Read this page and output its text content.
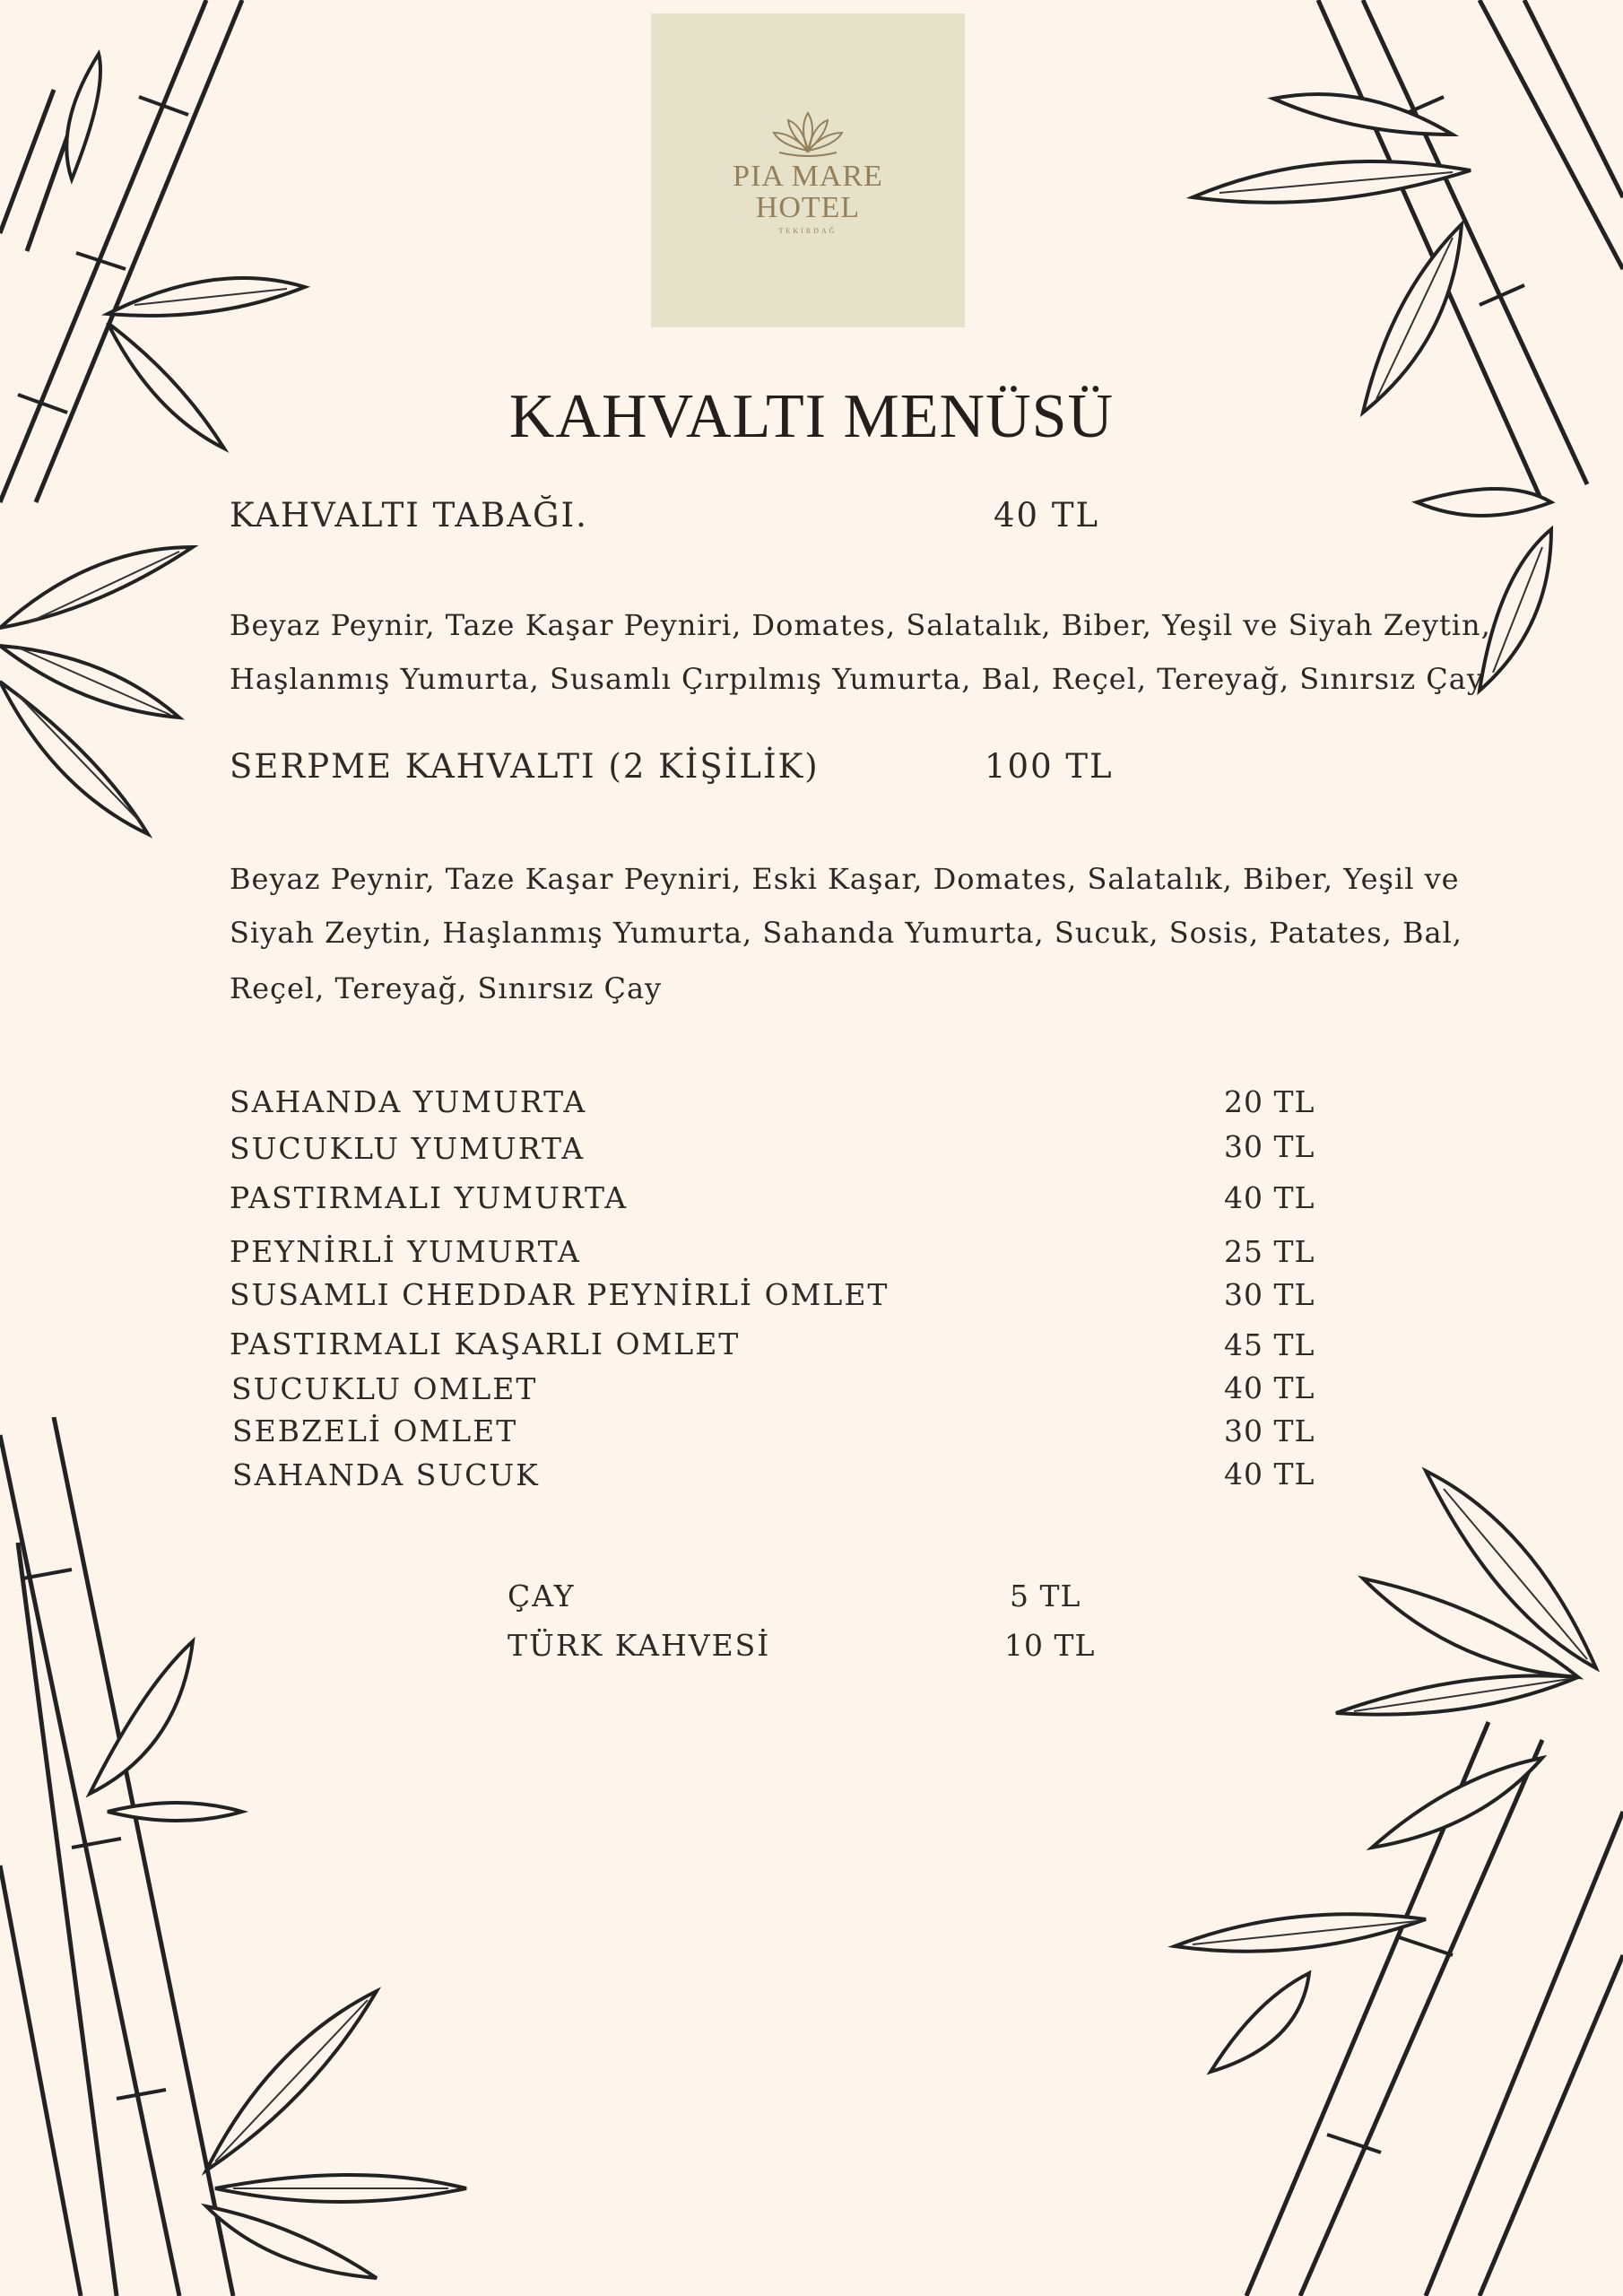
PIA MARE
HOTEL
TEKIRDAĞ
KAHVALTI MENÜSÜ
KAHVALTI TABAĞI.	40 TL
Beyaz Peynir, Taze Kaşar Peyniri, Domates, Salatalık, Biber, Yeşil ve Siyah Zeytin,
Haşlanmış Yumurta, Susamlı Çırpılmış Yumurta, Bal, Reçel, Tereyağ, Sınırsız Çay
SERPME KAHVALTI (2 KİŞİLİK)	100 TL
Beyaz Peynir, Taze Kaşar Peyniri, Eski Kaşar, Domates, Salatalık, Biber, Yeşil ve
Siyah Zeytin, Haşlanmış Yumurta, Sahanda Yumurta, Sucuk, Sosis, Patates, Bal,
Reçel, Tereyağ, Sınırsız Çay
SAHANDA YUMURTA	20 TL
SUCUKLU YUMURTA	30 TL
PASTIRMALI YUMURTA	40 TL
PEYNİRLİ YUMURTA	25 TL
SUSAMLI CHEDDAR PEYNİRLİ OMLET	30 TL
PASTIRMALI KAŞARLI OMLET	45 TL
SUCUKLU OMLET	40 TL
SEBZELİ OMLET	30 TL
SAHANDA SUCUK	40 TL
ÇAY	5 TL
TÜRK KAHVESİ	10 TL
